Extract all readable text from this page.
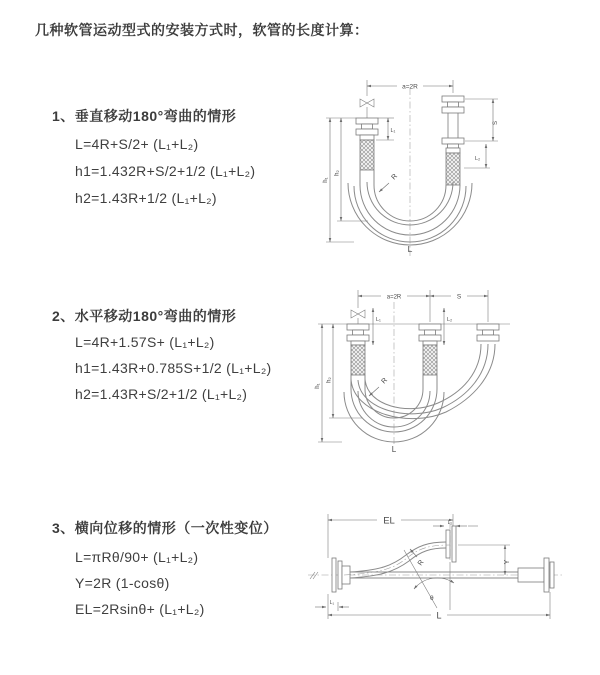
几种软管运动型式的安装方式时，软管的长度计算：
1、垂直移动180°弯曲的情形
L=4R+S/2+ (L₁+L₂)
h1=1.432R+S/2+1/2 (L₁+L₂)
h2=1.43R+1/2 (L₁+L₂)
2、水平移动180°弯曲的情形
L=4R+1.57S+ (L₁+L₂)
h1=1.43R+0.785S+1/2 (L₁+L₂)
h2=1.43R+S/2+1/2 (L₁+L₂)
3、横向位移的情形（一次性变位）
L=πRθ/90+ (L₁+L₂)
Y=2R (1-cosθ)
EL=2Rsinθ+ (L₁+L₂)
a=2R
L₁
S
L₂
h₁
h₂	R
L
a=2R	S
L₁	L₂
h₁
h₂	R
L
EL	L₂
θ
R	Y
L₁
L
